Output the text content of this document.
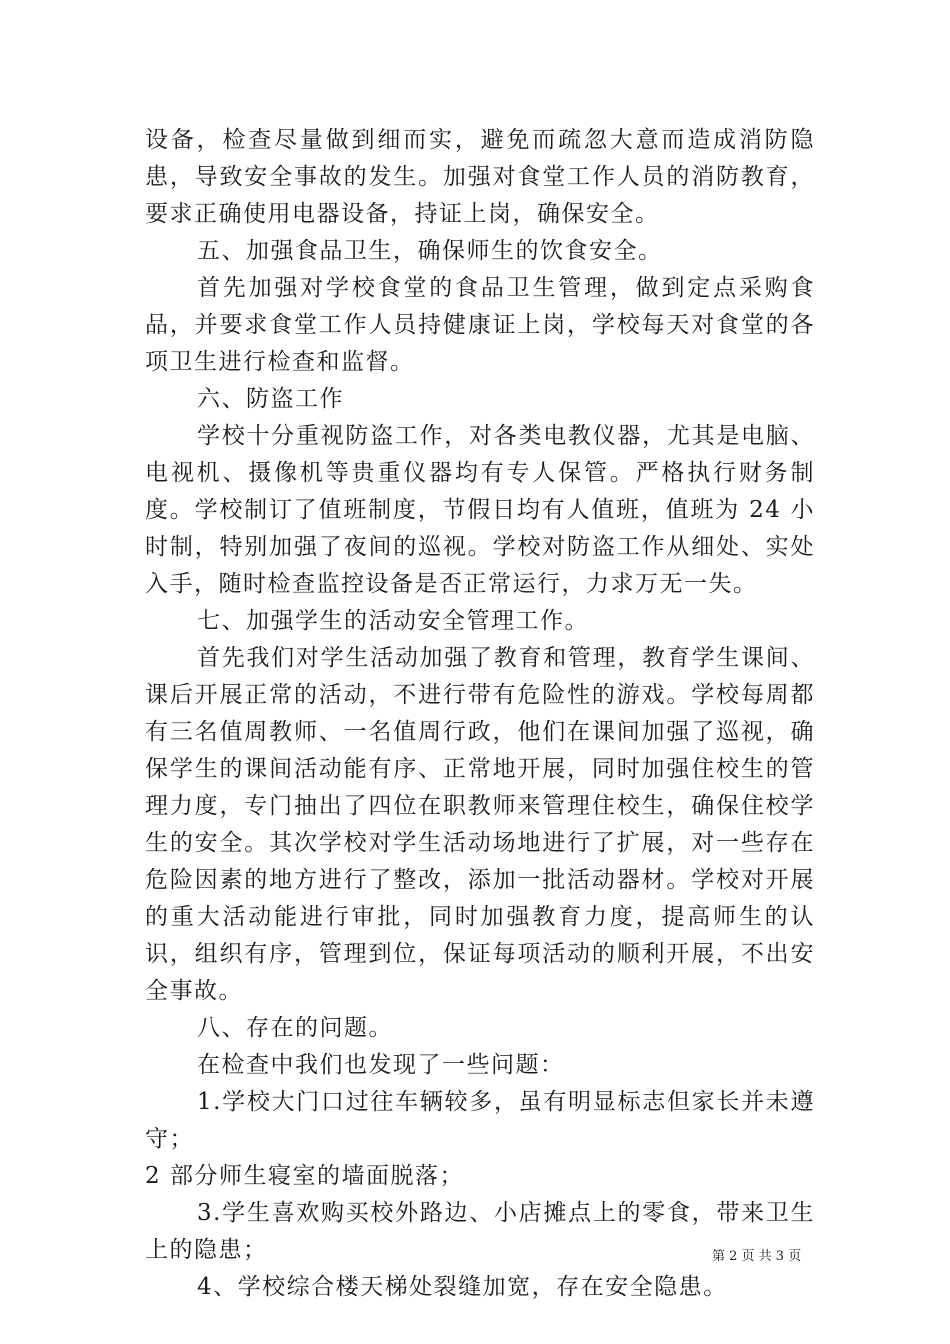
设备，检查尽量做到细而实，避免而疏忽大意而造成消防隐患，导致安全事故的发生。加强对食堂工作人员的消防教育，要求正确使用电器设备，持证上岗，确保安全。

五、加强食品卫生，确保师生的饮食安全。

首先加强对学校食堂的食品卫生管理，做到定点采购食品，并要求食堂工作人员持健康证上岗，学校每天对食堂的各项卫生进行检查和监督。

六、防盗工作

学校十分重视防盗工作，对各类电教仪器，尤其是电脑、电视机、摄像机等贵重仪器均有专人保管。严格执行财务制度。学校制订了值班制度，节假日均有人值班，值班为 24 小时制，特别加强了夜间的巡视。学校对防盗工作从细处、实处入手，随时检查监控设备是否正常运行，力求万无一失。

七、加强学生的活动安全管理工作。

首先我们对学生活动加强了教育和管理，教育学生课间、课后开展正常的活动，不进行带有危险性的游戏。学校每周都有三名值周教师、一名值周行政，他们在课间加强了巡视，确保学生的课间活动能有序、正常地开展，同时加强住校生的管理力度，专门抽出了四位在职教师来管理住校生，确保住校学生的安全。其次学校对学生活动场地进行了扩展，对一些存在危险因素的地方进行了整改，添加一批活动器材。学校对开展的重大活动能进行审批，同时加强教育力度，提高师生的认识，组织有序，管理到位，保证每项活动的顺利开展，不出安全事故。

八、存在的问题。

在检查中我们也发现了一些问题：

1.学校大门口过往车辆较多，虽有明显标志但家长并未遵守；

2 部分师生寝室的墙面脱落；

3.学生喜欢购买校外路边、小店摊点上的零食，带来卫生上的隐患；

4、学校综合楼天梯处裂缝加宽，存在安全隐患。

第 2 页 共 3 页
